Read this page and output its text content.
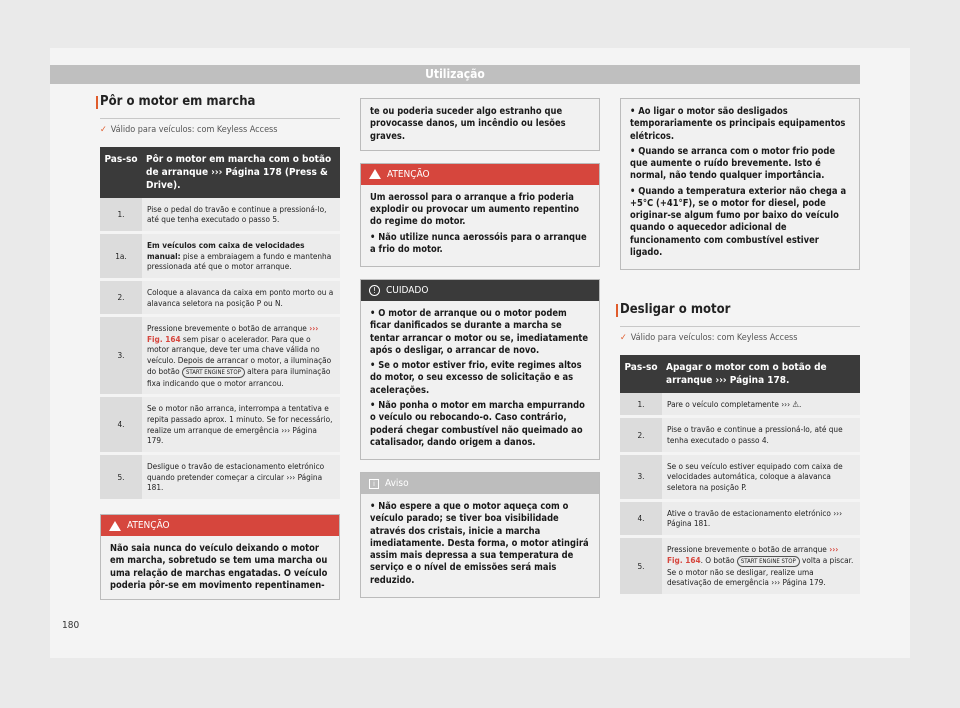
Utilização
Pôr o motor em marcha
✓ Válido para veículos: com Keyless Access
Pas-so	Pôr o motor em marcha com o botão de arranque ››› Página 178 (Press & Drive).
1.	Pise o pedal do travão e continue a pressioná-lo, até que tenha executado o passo 5.
1a.	Em veículos com caixa de velocidades manual: pise a embraiagem a fundo e mantenha pressionada até que o motor arranque.
2.	Coloque a alavanca da caixa em ponto morto ou a alavanca seletora na posição P ou N.
3.	Pressione brevemente o botão de arranque ››› Fig. 164 sem pisar o acelerador. Para que o motor arranque, deve ter uma chave válida no veículo. Depois de arrancar o motor, a iluminação do botão START ENGINE STOP altera para iluminação fixa indicando que o motor arrancou.
4.	Se o motor não arranca, interrompa a tentativa e repita passado aprox. 1 minuto. Se for necessário, realize um arranque de emergência ››› Página 179.
5.	Desligue o travão de estacionamento eletrónico quando pretender começar a circular ››› Página 181.
ATENÇÃO
Não saia nunca do veículo deixando o motor em marcha, sobretudo se tem uma marcha ou uma relação de marchas engatadas. O veículo poderia pôr-se em movimento repentinamen-
te ou poderia suceder algo estranho que provocasse danos, um incêndio ou lesões graves.
ATENÇÃO

Um aerossol para o arranque a frio poderia explodir ou provocar um aumento repentino do regime do motor.

• Não utilize nunca aerossóis para o arranque a frio do motor.

!	CUIDADO

• O motor de arranque ou o motor podem ficar danificados se durante a marcha se tentar arrancar o motor ou se, imediatamente após o desligar, o arrancar de novo.

• Se o motor estiver frio, evite regimes altos do motor, o seu excesso de solicitação e as acelerações.

• Não ponha o motor em marcha empurrando o veículo ou rebocando-o. Caso contrário, poderá chegar combustível não queimado ao catalisador, dando origem a danos.

i	Aviso

• Não espere a que o motor aqueça com o veículo parado; se tiver boa visibilidade através dos cristais, inicie a marcha imediatamente. Desta forma, o motor atingirá assim mais depressa a sua temperatura de serviço e o nível de emissões será mais reduzido.

• Ao ligar o motor são desligados temporariamente os principais equipamentos elétricos.

• Quando se arranca com o motor frio pode que aumente o ruído brevemente. Isto é normal, não tendo qualquer importância.

• Quando a temperatura exterior não chega a +5°C (+41°F), se o motor for diesel, pode originar-se algum fumo por baixo do veículo quando o aquecedor adicional de funcionamento com combustível estiver ligado.

Desligar o motor
✓ Válido para veículos: com Keyless Access
Pas-so	Apagar o motor com o botão de arranque ››› Página 178.
1.	Pare o veículo completamente ››› ⚠.
2.	Pise o travão e continue a pressioná-lo, até que tenha executado o passo 4.
3.	Se o seu veículo estiver equipado com caixa de velocidades automática, coloque a alavanca seletora na posição P.
4.	Ative o travão de estacionamento eletrónico ››› Página 181.
5.	Pressione brevemente o botão de arranque ››› Fig. 164. O botão START ENGINE STOP volta a piscar. Se o motor não se desligar, realize uma desativação de emergência ››› Página 179.
180
